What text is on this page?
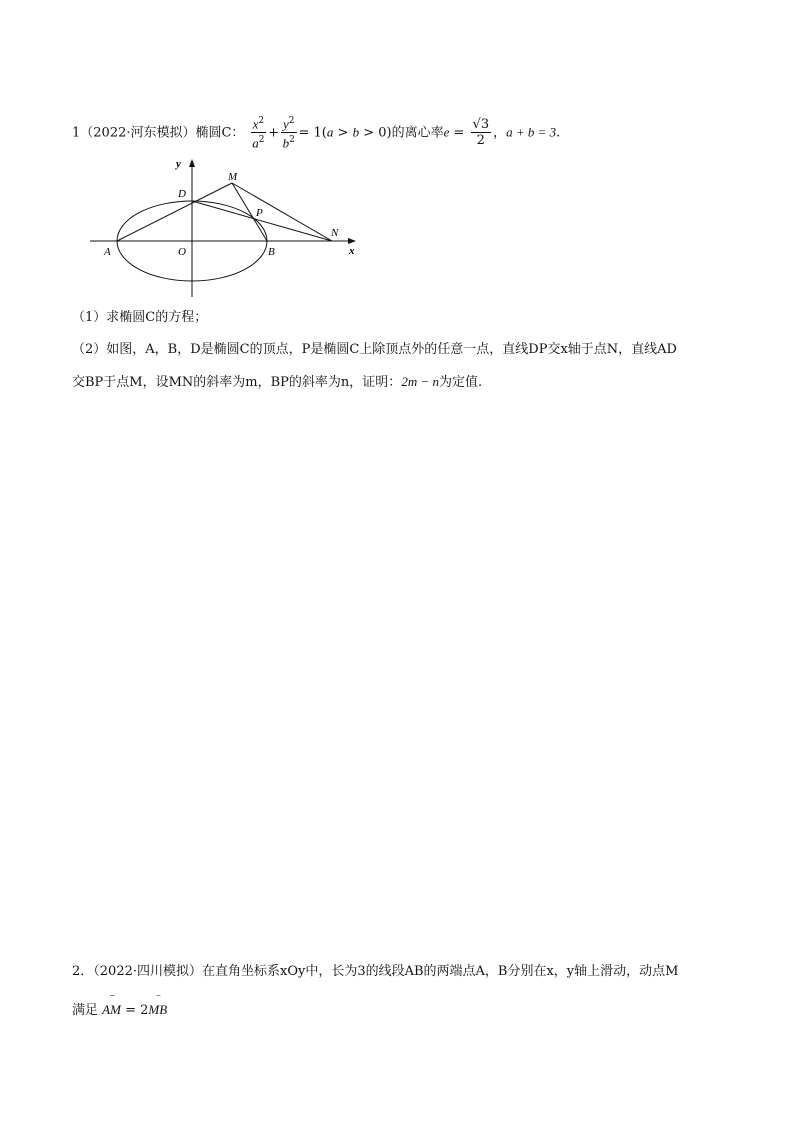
1（2022·河东模拟）椭圆C： $\frac{x^2}{a^2} + \frac{y^2}{b^2} = 1(a > b > 0)$的离心率$e = \frac{√3}{2}$ ，a + b = 3.
y
x
D
M
P
N
A	O	B
（1）求椭圆C的方程；
（2）如图，A，B，D是椭圆C的顶点，P是椭圆C上除顶点外的任意一点，直线DP交x轴于点N，直线AD
交BP于点M，设MN的斜率为m，BP的斜率为n，证明：2m − n为定值.
2．（2022·四川模拟）在直角坐标系xOy中，长为3的线段AB的两端点A，B分别在x，y轴上滑动，动点M
满足
ᵕᵕᵕᵕ
AM = 2
ᵕᵕᵕ
MB
